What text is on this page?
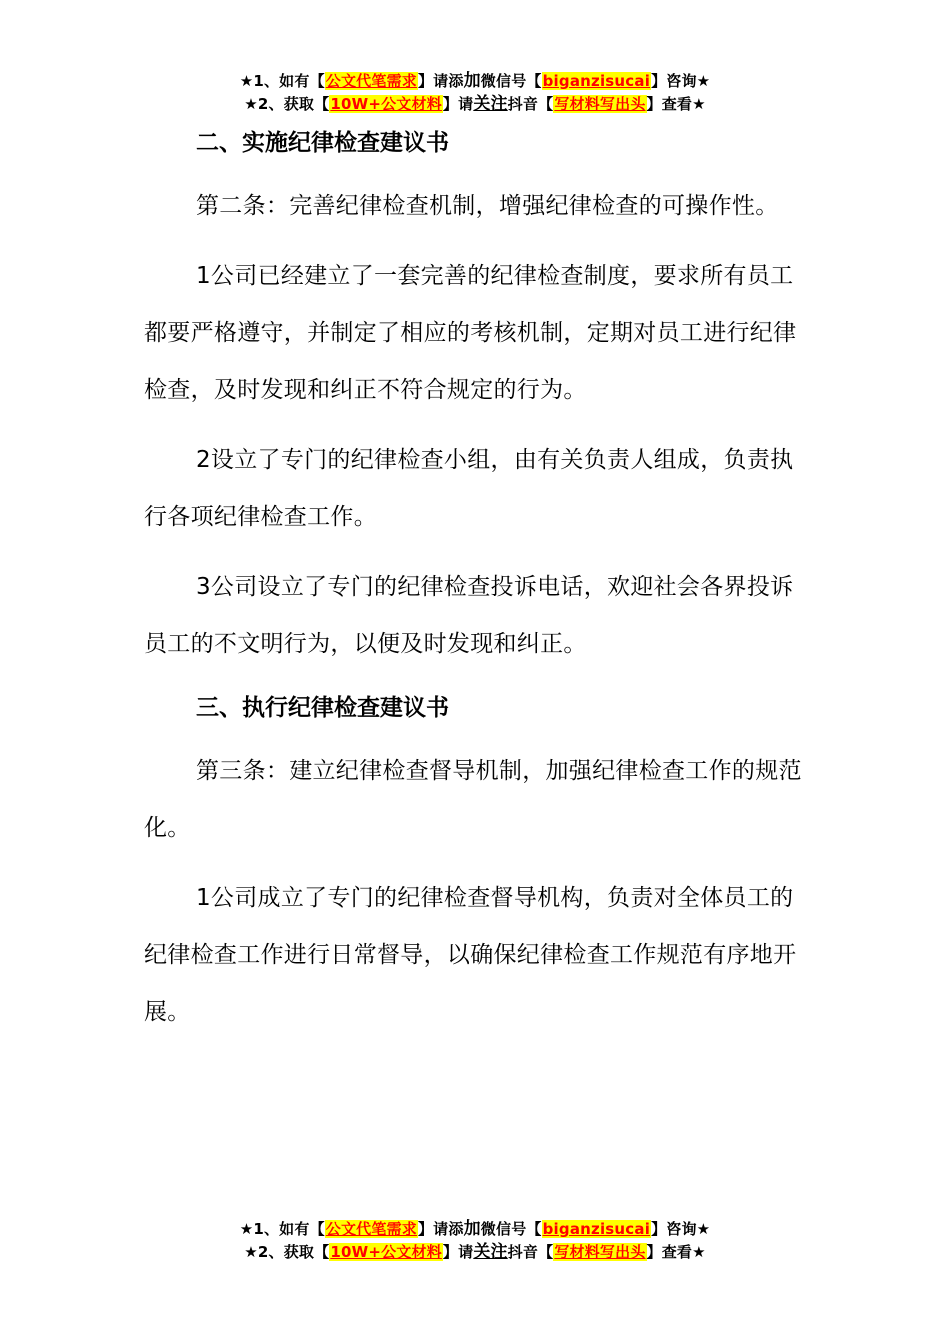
★1、如有【公文代笔需求】请添加微信号【biganzisucai】咨询★
★2、获取【10W+公文材料】请关注抖音【写材料写出头】查看★

二、实施纪律检查建议书

第二条：完善纪律检查机制，增强纪律检查的可操作性。

1公司已经建立了一套完善的纪律检查制度，要求所有员工都要严格遵守，并制定了相应的考核机制，定期对员工进行纪律检查，及时发现和纠正不符合规定的行为。

2设立了专门的纪律检查小组，由有关负责人组成，负责执行各项纪律检查工作。

3公司设立了专门的纪律检查投诉电话，欢迎社会各界投诉员工的不文明行为，以便及时发现和纠正。

三、执行纪律检查建议书

第三条：建立纪律检查督导机制，加强纪律检查工作的规范化。

1公司成立了专门的纪律检查督导机构，负责对全体员工的纪律检查工作进行日常督导，以确保纪律检查工作规范有序地开展。

★1、如有【公文代笔需求】请添加微信号【biganzisucai】咨询★
★2、获取【10W+公文材料】请关注抖音【写材料写出头】查看★
